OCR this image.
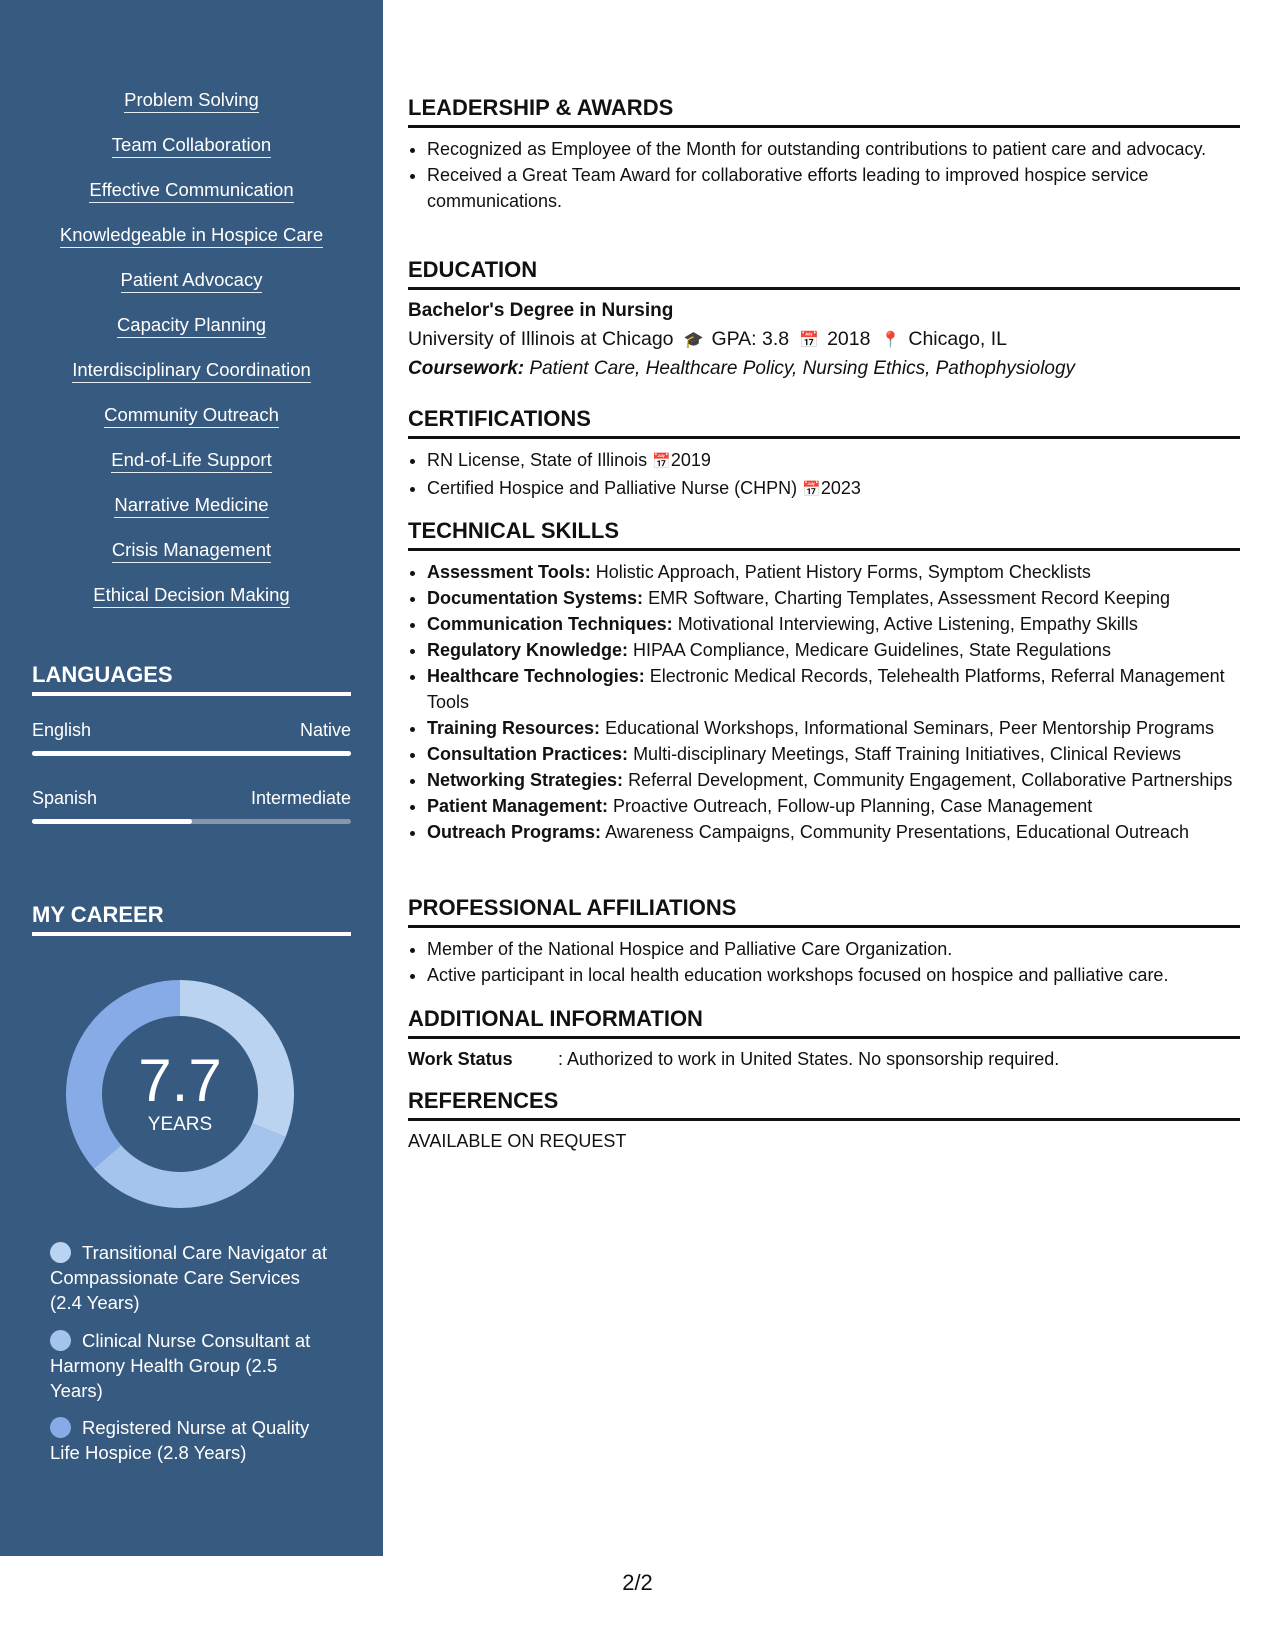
Problem Solving
Team Collaboration
Effective Communication
Knowledgeable in Hospice Care
Patient Advocacy
Capacity Planning
Interdisciplinary Coordination
Community Outreach
End-of-Life Support
Narrative Medicine
Crisis Management
Ethical Decision Making
LANGUAGES
English	Native
Spanish	Intermediate
MY CAREER
7.7
YEARS
Transitional Care Navigator at Compassionate Care Services (2.4 Years)
Clinical Nurse Consultant at Harmony Health Group (2.5 Years)
Registered Nurse at Quality Life Hospice (2.8 Years)
LEADERSHIP & AWARDS
• Recognized as Employee of the Month for outstanding contributions to patient care and advocacy.
• Received a Great Team Award for collaborative efforts leading to improved hospice service communications.
EDUCATION
Bachelor's Degree in Nursing
University of Illinois at Chicago 🎓 GPA: 3.8 📅 2018 📍 Chicago, IL
Coursework: Patient Care, Healthcare Policy, Nursing Ethics, Pathophysiology
CERTIFICATIONS
• RN License, State of Illinois 📅2019
• Certified Hospice and Palliative Nurse (CHPN) 📅2023
TECHNICAL SKILLS
• Assessment Tools: Holistic Approach, Patient History Forms, Symptom Checklists
• Documentation Systems: EMR Software, Charting Templates, Assessment Record Keeping
• Communication Techniques: Motivational Interviewing, Active Listening, Empathy Skills
• Regulatory Knowledge: HIPAA Compliance, Medicare Guidelines, State Regulations
• Healthcare Technologies: Electronic Medical Records, Telehealth Platforms, Referral Management Tools
• Training Resources: Educational Workshops, Informational Seminars, Peer Mentorship Programs
• Consultation Practices: Multi-disciplinary Meetings, Staff Training Initiatives, Clinical Reviews
• Networking Strategies: Referral Development, Community Engagement, Collaborative Partnerships
• Patient Management: Proactive Outreach, Follow-up Planning, Case Management
• Outreach Programs: Awareness Campaigns, Community Presentations, Educational Outreach
PROFESSIONAL AFFILIATIONS
• Member of the National Hospice and Palliative Care Organization.
• Active participant in local health education workshops focused on hospice and palliative care.
ADDITIONAL INFORMATION
Work Status	: Authorized to work in United States. No sponsorship required.
REFERENCES
AVAILABLE ON REQUEST
2/2
